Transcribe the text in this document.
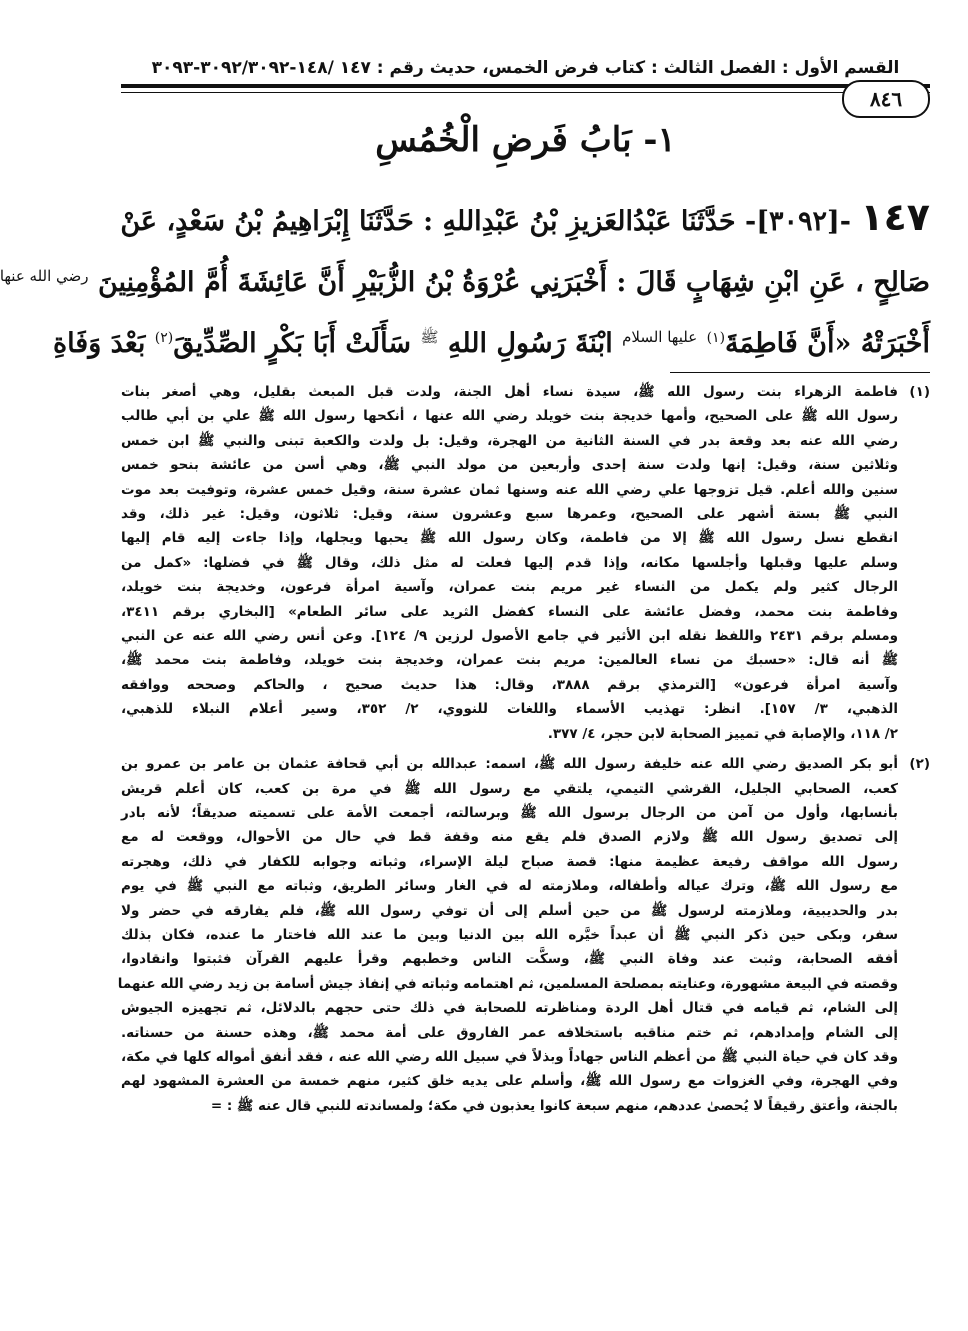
القسم الأول : الفصل الثالث : كتاب فرض الخمس، حديث رقم : ١٤٧ /١٤٨-٣٠٩٢/٣٠٩٢-٣٠٩٣
٨٤٦
١- بَابُ فَرضِ الْخُمُسِ
١٤٧ -[٣٠٩٢]- حَدَّثَنَا عَبْدُالعَزيزِ بْنُ عَبْدِاللهِ : حَدَّثَنَا إِبْرَاهِيمُ بْنُ سَعْدٍ، عَنْ
صَالِحٍ ، عَنِ ابْنِ شِهَابٍ قَالَ : أَخْبَرَنِي عُرْوَةُ بْنُ الزُّبَيْرِ أَنَّ عَائِشَةَ أُمَّ المُؤْمِنِينَ $^{رضي الله عنها}$
أَخْبَرَتْهُ «أَنَّ فَاطِمَةَ$^{(١)}$ $^{عليها السلام}$ ابْنَةَ رَسُولِ اللهِ $^ﷺ$ سَأَلَتْ أَبَا بَكْرٍ الصِّدِّيقَ$^{(٢)}$ بَعْدَ وَفَاةِ
(١)
فاطمة الزهراء بنت رسول الله ﷺ، سيدة نساء أهل الجنة، ولدت قبل المبعث بقليل، وهي أصغر بنات
رسول الله ﷺ على الصحيح، وأمها خديجة بنت خويلد رضي الله عنها ، أنكحها رسول الله ﷺ علي بن أبي طالب
رضي الله عنه بعد وقعة بدر في السنة الثانية من الهجرة، وقيل: بل ولدت والكعبة تبنى والنبي ﷺ ابن خمس
وثلاثين سنة، وقيل: إنها ولدت سنة إحدى وأربعين من مولد النبي ﷺ، وهي أسن من عائشة بنحو خمس
سنين والله أعلم. قيل تزوجها علي رضي الله عنه وسنها ثمان عشرة سنة، وقيل خمس عشرة، وتوفيت بعد موت
النبي ﷺ بستة أشهر على الصحيح، وعمرها سبع وعشرون سنة، وقيل: ثلاثون، وقيل: غير ذلك، وقد
انقطع نسل رسول الله ﷺ إلا من فاطمة، وكان رسول الله ﷺ يحبها ويجلها، وإذا جاءت إليه قام إليها
وسلم عليها وقبلها وأجلسها مكانه، وإذا قدم إليها فعلت له مثل ذلك، وقال ﷺ في فضلها: «كمل من
الرجال كثير ولم يكمل من النساء غير مريم بنت عمران، وآسية امرأة فرعون، وخديجة بنت خويلد،
وفاطمة بنت محمد، وفضل عائشة على النساء كفضل الثريد على سائر الطعام» [البخاري برقم ٣٤١١،
ومسلم برقم ٢٤٣١ واللفظ نقله ابن الأثير في جامع الأصول لرزين ٩/ ١٢٤]. وعن أنس رضي الله عنه عن النبي
ﷺ أنه قال: «حسبك من نساء العالمين: مريم بنت عمران، وخديجة بنت خويلد، وفاطمة بنت محمد ﷺ،
وآسية امرأة فرعون» [الترمذي برقم ٣٨٨٨، وقال: هذا حديث صحيح ، والحاكم وصححه ووافقه
الذهبي، ٣/ ١٥٧]. انظر: تهذيب الأسماء واللغات للنووي، ٢/ ٣٥٢، وسير أعلام النبلاء للذهبي،
٢/ ١١٨، والإصابة في تمييز الصحابة لابن حجر، ٤/ ٣٧٧.
(٢)
أبو بكر الصديق رضي الله عنه خليفة رسول الله ﷺ، اسمه: عبدالله بن أبي قحافة عثمان بن عامر بن عمرو بن
كعب، الصحابي الجليل، القرشي التيمي، يلتقي مع رسول الله ﷺ في مرة بن كعب، كان أعلم قريش
بأنسابها، وأول من آمن من الرجال برسول الله ﷺ وبرسالته، أجمعت الأمة على تسميته صديقاً؛ لأنه بادر
إلى تصديق رسول الله ﷺ ولازم الصدق فلم يقع منه وقفة قط في حال من الأحوال، ووقعت له مع
رسول الله مواقف رفيعة عظيمة منها: قصة صباح ليلة الإسراء، وثباته وجوابه للكفار في ذلك، وهجرته
مع رسول الله ﷺ، وترك عياله وأطفاله، وملازمته له في الغار وسائر الطريق، وثباته مع النبي ﷺ في يوم
بدر والحديبية، وملازمته لرسول ﷺ من حين أسلم إلى أن توفي رسول الله ﷺ، فلم يفارقه في حضر ولا
سفر، وبكى حين ذكر النبي ﷺ أن عبداً خيَّره الله بين الدنيا وبين ما عند الله فاختار ما عنده، فكان بذلك
أفقه الصحابة، وثبت عند وفاة النبي ﷺ، وسكَّت الناس وخطبهم وقرأ عليهم القرآن فثبتوا وانقادوا،
وقصته في البيعة مشهورة، وعنايته بمصلحة المسلمين، ثم اهتمامه وثباته في إنفاذ جيش أسامة بن زيد رضي الله عنهما
إلى الشام، ثم قيامه في قتال أهل الردة ومناظرته للصحابة في ذلك حتى حجهم بالدلائل، ثم تجهيزه الجيوش
إلى الشام وإمدادهم، ثم ختم مناقبه باستخلافه عمر الفاروق على أمة محمد ﷺ، وهذه حسنة من حسناته.
وقد كان في حياة النبي ﷺ من أعظم الناس جهاداً وبذلاً في سبيل الله رضي الله عنه ، فقد أنفق أمواله كلها في مكة،
وفي الهجرة، وفي الغزوات مع رسول الله ﷺ، وأسلم على يديه خلق كثير، منهم خمسة من العشرة المشهود لهم
بالجنة، وأعتق رقيقاً لا يُحصىٰ عددهم، منهم سبعة كانوا يعذبون في مكة؛ ولمساندته للنبي قال عنه ﷺ : =
